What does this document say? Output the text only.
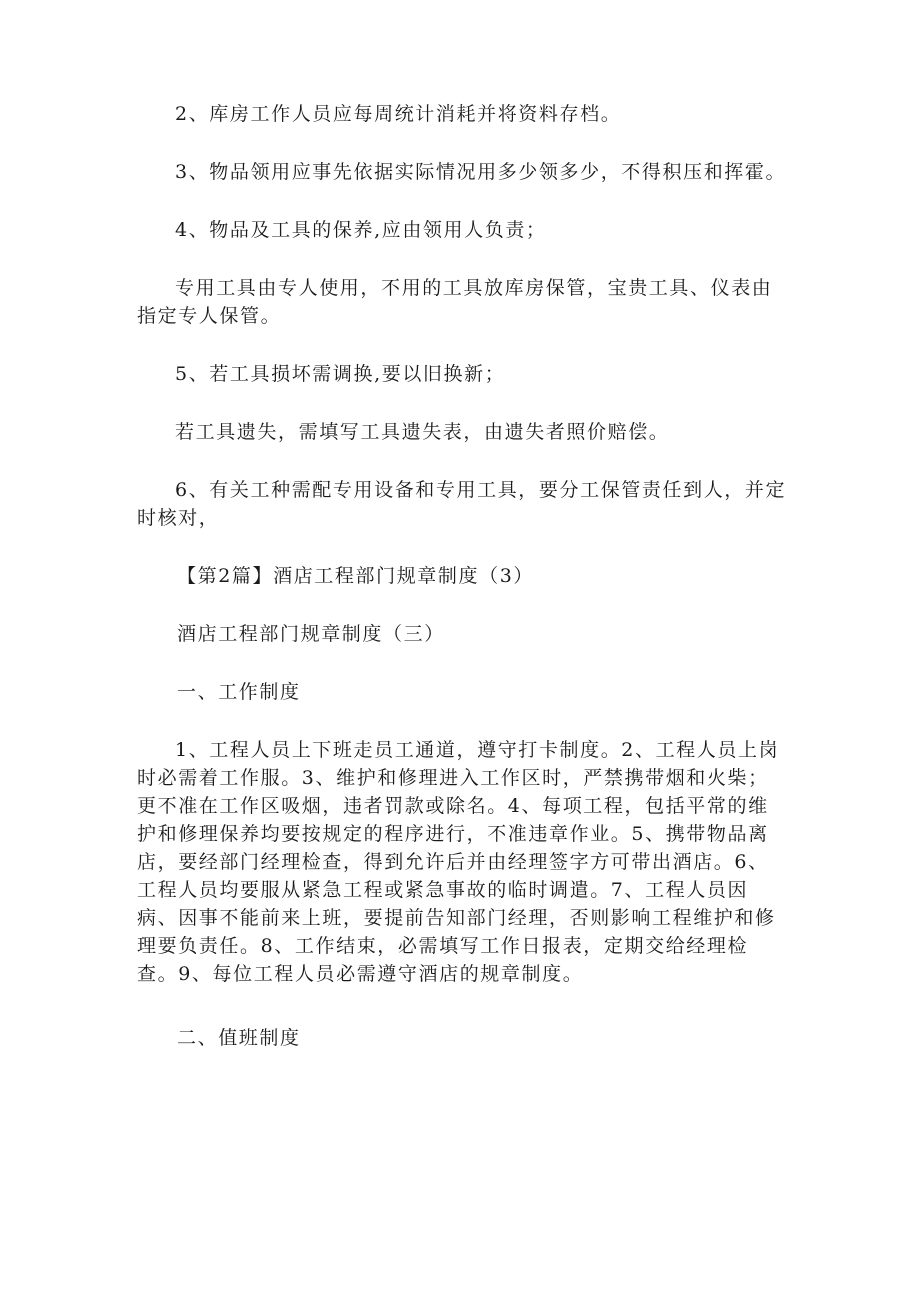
2、库房工作人员应每周统计消耗并将资料存档。

3、物品领用应事先依据实际情况用多少领多少，不得积压和挥霍。

4、物品及工具的保养,应由领用人负责；

专用工具由专人使用，不用的工具放库房保管，宝贵工具、仪表由指定专人保管。

5、若工具损坏需调换,要以旧换新；

若工具遗失，需填写工具遗失表，由遗失者照价赔偿。

6、有关工种需配专用设备和专用工具，要分工保管责任到人，并定时核对，

【第2篇】酒店工程部门规章制度（3）

酒店工程部门规章制度（三）

一、工作制度

1、工程人员上下班走员工通道，遵守打卡制度。2、工程人员上岗时必需着工作服。3、维护和修理进入工作区时，严禁携带烟和火柴；更不准在工作区吸烟，违者罚款或除名。4、每项工程，包括平常的维护和修理保养均要按规定的程序进行，不准违章作业。5、携带物品离店，要经部门经理检查，得到允许后并由经理签字方可带出酒店。6、工程人员均要服从紧急工程或紧急事故的临时调遣。7、工程人员因病、因事不能前来上班，要提前告知部门经理，否则影响工程维护和修理要负责任。8、工作结束，必需填写工作日报表，定期交给经理检查。9、每位工程人员必需遵守酒店的规章制度。

二、值班制度
